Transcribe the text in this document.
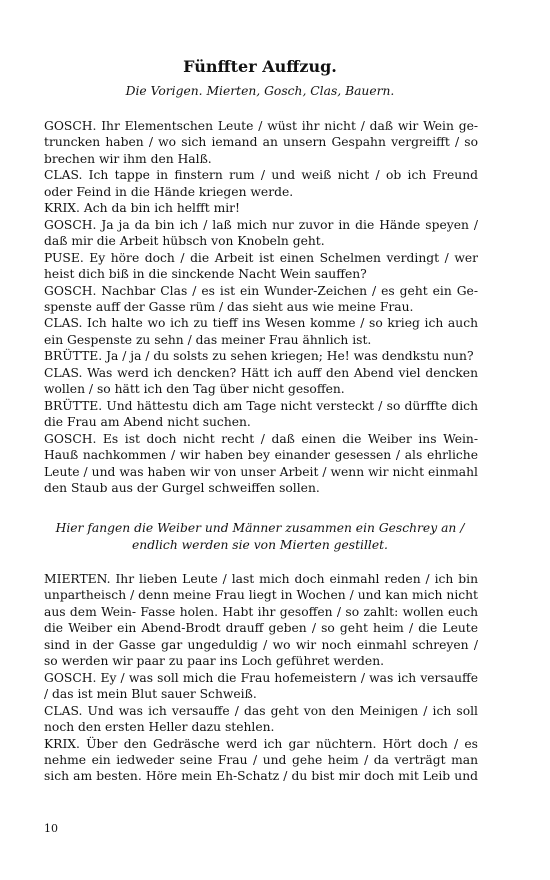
Fünffter Auffzug.
Die Vorigen. Mierten, Gosch, Clas, Bauern.
GOSCH. Ihr Elementschen Leute / wüst ihr nicht / daß wir Wein ge-
truncken haben / wo sich iemand an unsern Gespahn vergreifft / so
brechen wir ihm den Halß.
CLAS. Ich tappe in finstern rum / und weiß nicht / ob ich Freund
oder Feind in die Hände kriegen werde.
KRIX. Ach da bin ich helfft mir!
GOSCH. Ja ja da bin ich / laß mich nur zuvor in die Hände speyen /
daß mir die Arbeit hübsch von Knobeln geht.
PUSE. Ey höre doch / die Arbeit ist einen Schelmen verdingt / wer
heist dich biß in die sinckende Nacht Wein sauffen?
GOSCH. Nachbar Clas / es ist ein Wunder-Zeichen / es geht ein Ge-
spenste auff der Gasse rüm / das sieht aus wie meine Frau.
CLAS. Ich halte wo ich zu tieff ins Wesen komme / so krieg ich auch
ein Gespenste zu sehn / das meiner Frau ähnlich ist.
BRÜTTE. Ja / ja / du solsts zu sehen kriegen; He! was dendkstu nun?
CLAS. Was werd ich dencken? Hätt ich auff den Abend viel dencken
wollen / so hätt ich den Tag über nicht gesoffen.
BRÜTTE. Und hättestu dich am Tage nicht versteckt / so dürffte dich
die Frau am Abend nicht suchen.
GOSCH. Es ist doch nicht recht / daß einen die Weiber ins Wein-
Hauß nachkommen / wir haben bey einander gesessen / als ehrliche
Leute / und was haben wir von unser Arbeit / wenn wir nicht einmahl
den Staub aus der Gurgel schweiffen sollen.
Hier fangen die Weiber und Männer zusammen ein Geschrey an /
endlich werden sie von Mierten gestillet.
MIERTEN. Ihr lieben Leute / last mich doch einmahl reden / ich bin
unpartheisch / denn meine Frau liegt in Wochen / und kan mich nicht
aus dem Wein- Fasse holen. Habt ihr gesoffen / so zahlt: wollen euch
die Weiber ein Abend-Brodt drauff geben / so geht heim / die Leute
sind in der Gasse gar ungeduldig / wo wir noch einmahl schreyen /
so werden wir paar zu paar ins Loch geführet werden.
GOSCH. Ey / was soll mich die Frau hofemeistern / was ich versauffe
/ das ist mein Blut sauer Schweiß.
CLAS. Und was ich versauffe / das geht von den Meinigen / ich soll
noch den ersten Heller dazu stehlen.
KRIX. Über den Gedräsche werd ich gar nüchtern. Hört doch / es
nehme ein iedweder seine Frau / und gehe heim / da verträgt man
sich am besten. Höre mein Eh-Schatz / du bist mir doch mit Leib und
10
